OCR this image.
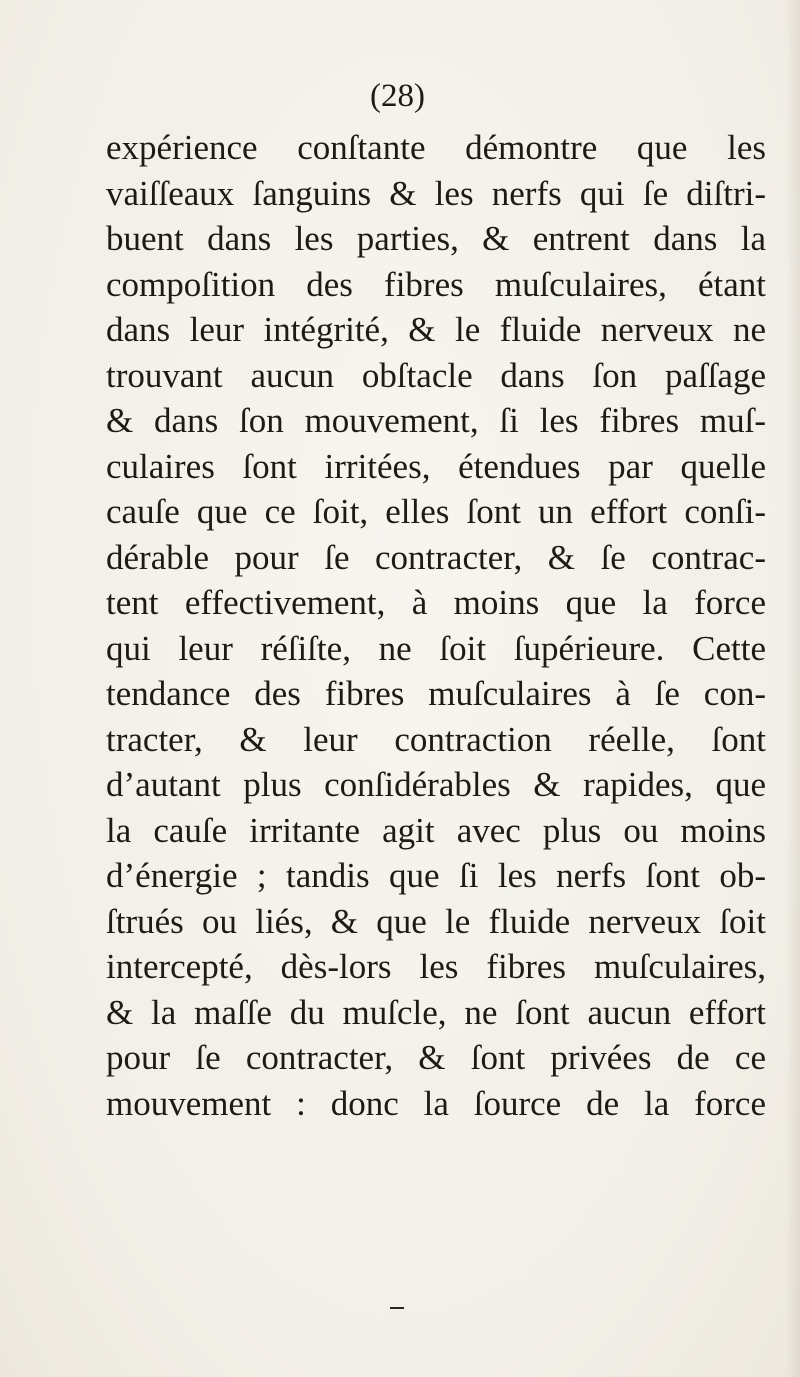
(28)
expérience conſtante démontre que les
vaiſſeaux ſanguins & les nerfs qui ſe diſtri-
buent dans les parties, & entrent dans la
compoſition des fibres muſculaires, étant
dans leur intégrité, & le fluide nerveux ne
trouvant aucun obſtacle dans ſon paſſage
& dans ſon mouvement, ſi les fibres muſ-
culaires ſont irritées, étendues par quelle
cauſe que ce ſoit, elles ſont un effort conſi-
dérable pour ſe contracter, & ſe contrac-
tent effectivement, à moins que la force
qui leur réſiſte, ne ſoit ſupérieure. Cette
tendance des fibres muſculaires à ſe con-
tracter, & leur contraction réelle, ſont
d’autant plus conſidérables & rapides, que
la cauſe irritante agit avec plus ou moins
d’énergie ; tandis que ſi les nerfs ſont ob-
ſtrués ou liés, & que le fluide nerveux ſoit
intercepté, dès-lors les fibres muſculaires,
& la maſſe du muſcle, ne ſont aucun effort
pour ſe contracter, & ſont privées de ce
mouvement : donc la ſource de la force
